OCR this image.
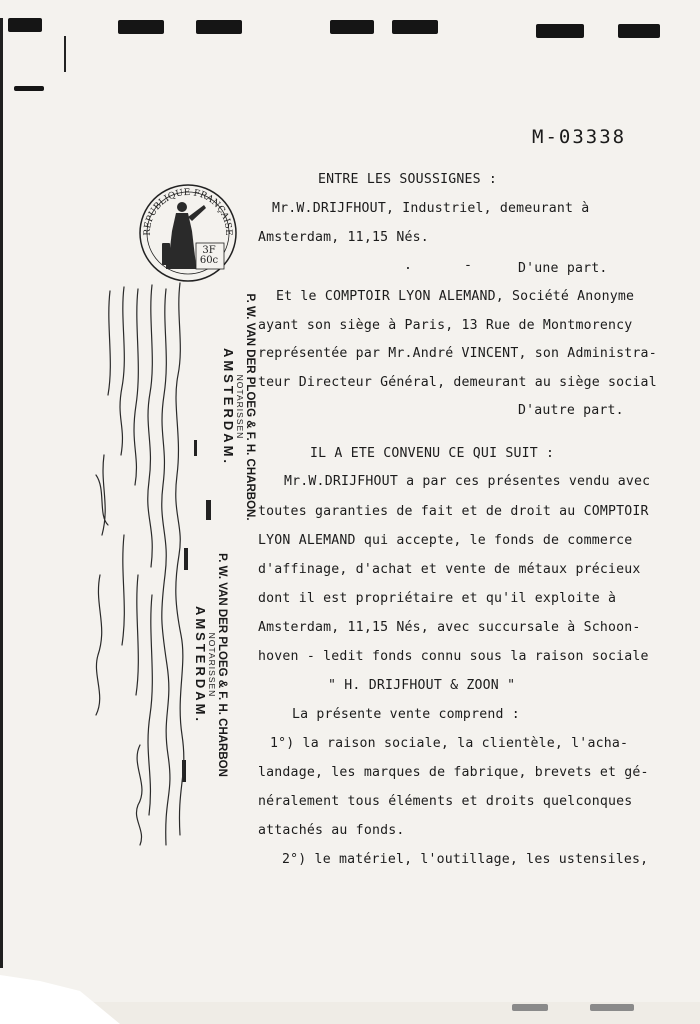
M-03338
ENTRE LES SOUSSIGNES :
Mr.W.DRIJFHOUT, Industriel, demeurant à
Amsterdam, 11,15 Nés.
.	-	D'une part.
Et le COMPTOIR LYON ALEMAND, Société Anonyme
ayant son siège à Paris, 13 Rue de Montmorency
représentée par Mr.André VINCENT, son Administra-
teur Directeur Général, demeurant au siège social
D'autre part.
IL A ETE CONVENU CE QUI SUIT :
Mr.W.DRIJFHOUT a par ces présentes vendu avec
toutes garanties de fait et de droit au COMPTOIR
LYON ALEMAND qui accepte, le fonds de commerce
d'affinage, d'achat et vente de métaux précieux
dont il est propriétaire et qu'il exploite à
Amsterdam, 11,15 Nés, avec succursale à Schoon-
hoven - ledit fonds connu sous la raison sociale
" H. DRIJFHOUT & ZOON "
La présente vente comprend :
1°) la raison sociale, la clientèle, l'acha-
landage, les marques de fabrique, brevets et gé-
néralement tous éléments et droits quelconques
attachés au fonds.
2°) le matériel, l'outillage, les ustensiles,
REPUBLIQUE FRANÇAISE
3F 60c
P. W. VAN DER PLOEG & F. H. CHARBON.
NOTARISSEN
AMSTERDAM.
P. W. VAN DER PLOEG & F. H. CHARBON
NOTARISSEN
AMSTERDAM.
